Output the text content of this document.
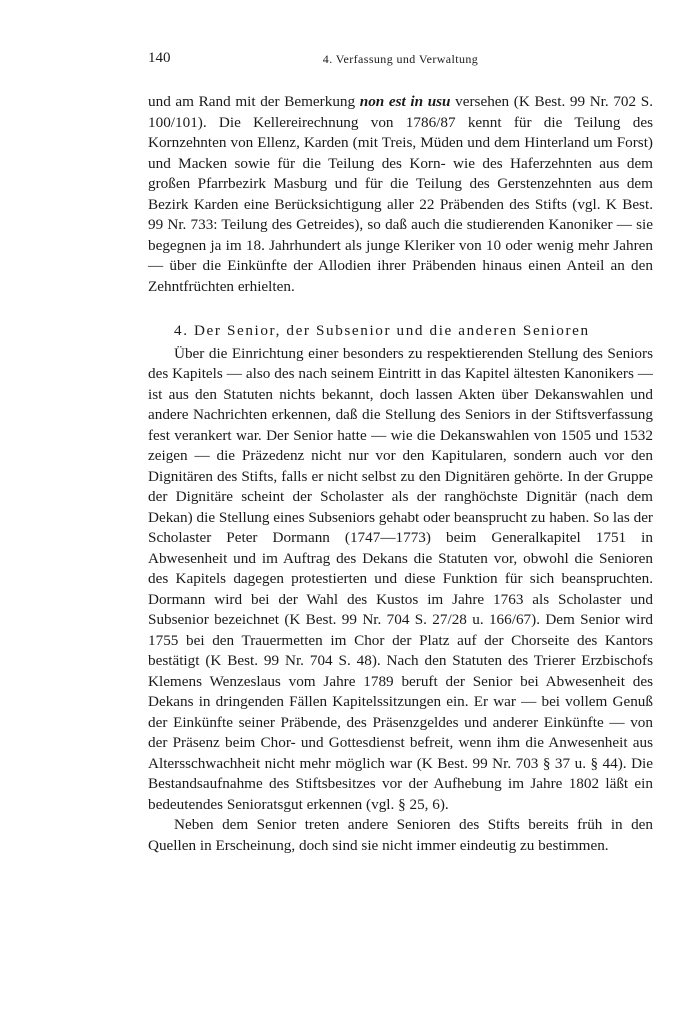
140	4. Verfassung und Verwaltung

und am Rand mit der Bemerkung non est in usu versehen (K Best. 99 Nr. 702 S. 100/101). Die Kellereirechnung von 1786/87 kennt für die Teilung des Kornzehnten von Ellenz, Karden (mit Treis, Müden und dem Hinterland um Forst) und Macken sowie für die Teilung des Korn- wie des Haferzehnten aus dem großen Pfarrbezirk Masburg und für die Teilung des Gerstenzehnten aus dem Bezirk Karden eine Berücksichtigung aller 22 Präbenden des Stifts (vgl. K Best. 99 Nr. 733: Teilung des Getreides), so daß auch die studierenden Kanoniker — sie begegnen ja im 18. Jahrhundert als junge Kleriker von 10 oder wenig mehr Jahren — über die Einkünfte der Allodien ihrer Präbenden hinaus einen Anteil an den Zehntfrüchten erhielten.

4. Der Senior, der Subsenior und die anderen Senioren

Über die Einrichtung einer besonders zu respektierenden Stellung des Seniors des Kapitels — also des nach seinem Eintritt in das Kapitel ältesten Kanonikers — ist aus den Statuten nichts bekannt, doch lassen Akten über Dekanswahlen und andere Nachrichten erkennen, daß die Stellung des Seniors in der Stiftsverfassung fest verankert war. Der Senior hatte — wie die Dekanswahlen von 1505 und 1532 zeigen — die Präzedenz nicht nur vor den Kapitularen, sondern auch vor den Dignitären des Stifts, falls er nicht selbst zu den Dignitären gehörte. In der Gruppe der Dignitäre scheint der Scholaster als der ranghöchste Dignitär (nach dem Dekan) die Stellung eines Subseniors gehabt oder beansprucht zu haben. So las der Scholaster Peter Dormann (1747—1773) beim Generalkapitel 1751 in Abwesenheit und im Auftrag des Dekans die Statuten vor, obwohl die Senioren des Kapitels dagegen protestierten und diese Funktion für sich beanspruchten. Dormann wird bei der Wahl des Kustos im Jahre 1763 als Scholaster und Subsenior bezeichnet (K Best. 99 Nr. 704 S. 27/28 u. 166/67). Dem Senior wird 1755 bei den Trauermetten im Chor der Platz auf der Chorseite des Kantors bestätigt (K Best. 99 Nr. 704 S. 48). Nach den Statuten des Trierer Erzbischofs Klemens Wenzeslaus vom Jahre 1789 beruft der Senior bei Abwesenheit des Dekans in dringenden Fällen Kapitelssitzungen ein. Er war — bei vollem Genuß der Einkünfte seiner Präbende, des Präsenzgeldes und anderer Einkünfte — von der Präsenz beim Chor- und Gottesdienst befreit, wenn ihm die Anwesenheit aus Altersschwachheit nicht mehr möglich war (K Best. 99 Nr. 703 § 37 u. § 44). Die Bestandsaufnahme des Stiftsbesitzes vor der Aufhebung im Jahre 1802 läßt ein bedeutendes Senioratsgut erkennen (vgl. § 25, 6).

Neben dem Senior treten andere Senioren des Stifts bereits früh in den Quellen in Erscheinung, doch sind sie nicht immer eindeutig zu bestimmen.
